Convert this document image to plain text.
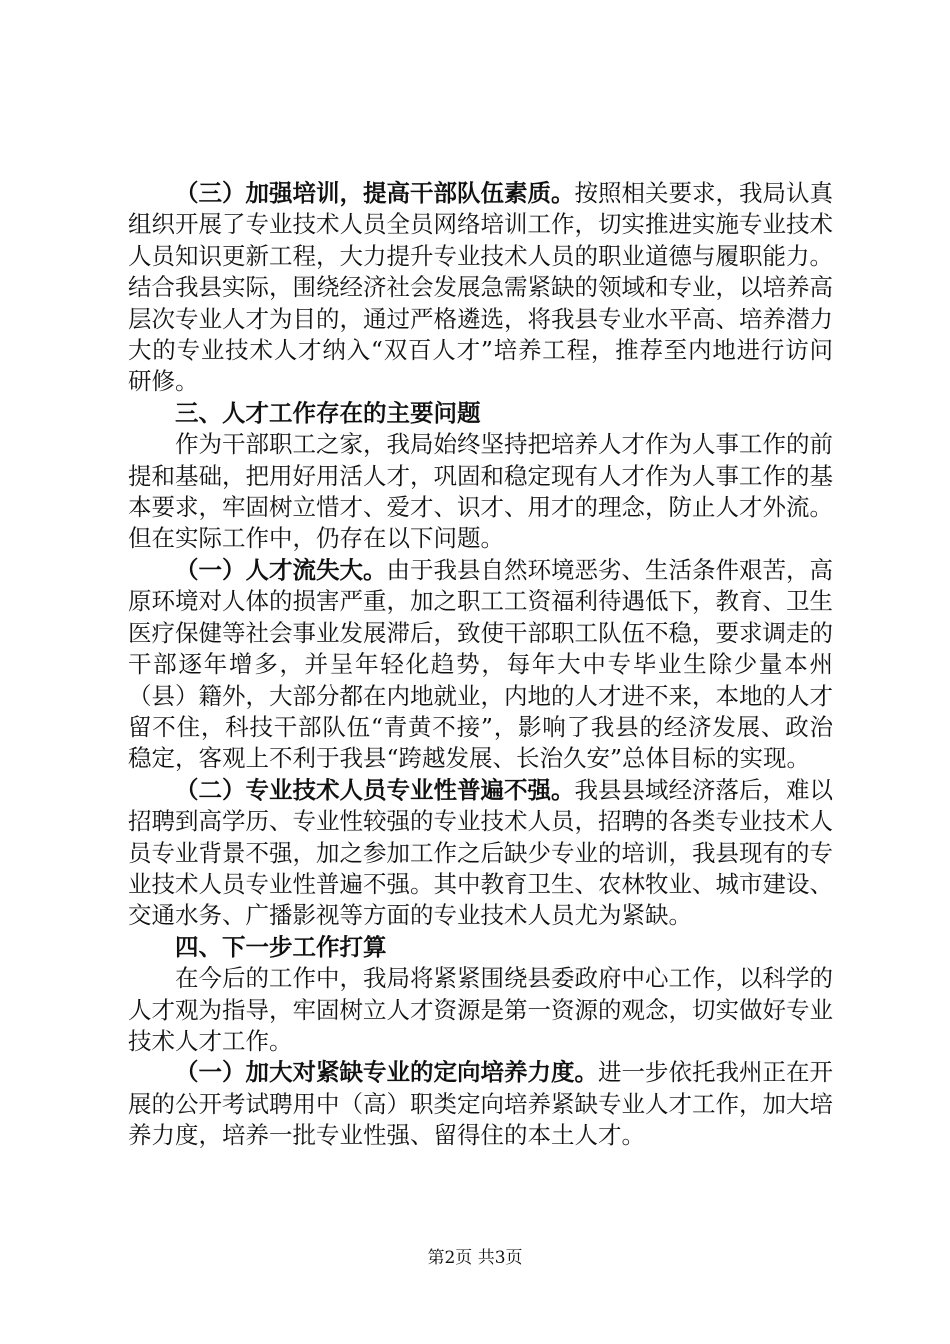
（三）加强培训，提高干部队伍素质。按照相关要求，我局认真组织开展了专业技术人员全员网络培训工作，切实推进实施专业技术人员知识更新工程，大力提升专业技术人员的职业道德与履职能力。结合我县实际，围绕经济社会发展急需紧缺的领域和专业，以培养高层次专业人才为目的，通过严格遴选，将我县专业水平高、培养潜力大的专业技术人才纳入“双百人才”培养工程，推荐至内地进行访问研修。

三、人才工作存在的主要问题

作为干部职工之家，我局始终坚持把培养人才作为人事工作的前提和基础，把用好用活人才，巩固和稳定现有人才作为人事工作的基本要求，牢固树立惜才、爱才、识才、用才的理念，防止人才外流。但在实际工作中，仍存在以下问题。

（一）人才流失大。由于我县自然环境恶劣、生活条件艰苦，高原环境对人体的损害严重，加之职工工资福利待遇低下，教育、卫生医疗保健等社会事业发展滞后，致使干部职工队伍不稳，要求调走的干部逐年增多，并呈年轻化趋势，每年大中专毕业生除少量本州（县）籍外，大部分都在内地就业，内地的人才进不来，本地的人才留不住，科技干部队伍“青黄不接”，影响了我县的经济发展、政治稳定，客观上不利于我县“跨越发展、长治久安”总体目标的实现。

（二）专业技术人员专业性普遍不强。我县县域经济落后，难以招聘到高学历、专业性较强的专业技术人员，招聘的各类专业技术人员专业背景不强，加之参加工作之后缺少专业的培训，我县现有的专业技术人员专业性普遍不强。其中教育卫生、农林牧业、城市建设、交通水务、广播影视等方面的专业技术人员尤为紧缺。

四、下一步工作打算

在今后的工作中，我局将紧紧围绕县委政府中心工作，以科学的人才观为指导，牢固树立人才资源是第一资源的观念，切实做好专业技术人才工作。

（一）加大对紧缺专业的定向培养力度。进一步依托我州正在开展的公开考试聘用中（高）职类定向培养紧缺专业人才工作，加大培养力度，培养一批专业性强、留得住的本土人才。

第2页 共3页
